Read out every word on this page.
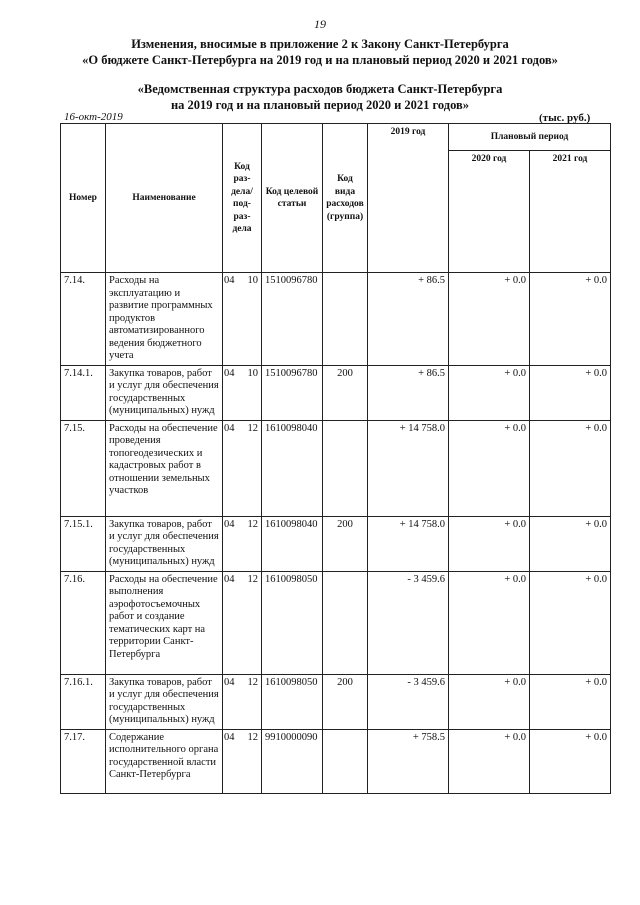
19
Изменения, вносимые в приложение 2 к Закону Санкт-Петербурга
«О бюджете Санкт-Петербурга на 2019 год и на плановый период 2020 и 2021 годов»
«Ведомственная структура расходов бюджета Санкт-Петербурга
на 2019 год и на плановый период 2020 и 2021 годов»
16-окт-2019	(тыс. руб.)
Номер	Наименование	Код раз-дела/ под-раз-дела	Код целевой статьи	Код вида расходов (группа)	2019 год	Плановый период	
						2020 год	2021 год
7.14.	Расходы на эксплуатацию и развитие программных продуктов автоматизированного ведения бюджетного учета	04 10	1510096780		+ 86.5	+ 0.0	+ 0.0
7.14.1.	Закупка товаров, работ и услуг для обеспечения государственных (муниципальных) нужд	04 10	1510096780	200	+ 86.5	+ 0.0	+ 0.0
7.15.	Расходы на обеспечение проведения топогеодезических и кадастровых работ в отношении земельных участков	04 12	1610098040		+ 14 758.0	+ 0.0	+ 0.0
7.15.1.	Закупка товаров, работ и услуг для обеспечения государственных (муниципальных) нужд	04 12	1610098040	200	+ 14 758.0	+ 0.0	+ 0.0
7.16.	Расходы на обеспечение выполнения аэрофотосъемочных работ и создание тематических карт на территории Санкт-Петербурга	04 12	1610098050		- 3 459.6	+ 0.0	+ 0.0
7.16.1.	Закупка товаров, работ и услуг для обеспечения государственных (муниципальных) нужд	04 12	1610098050	200	- 3 459.6	+ 0.0	+ 0.0
7.17.	Содержание исполнительного органа государственной власти Санкт-Петербурга	04 12	9910000090		+ 758.5	+ 0.0	+ 0.0
